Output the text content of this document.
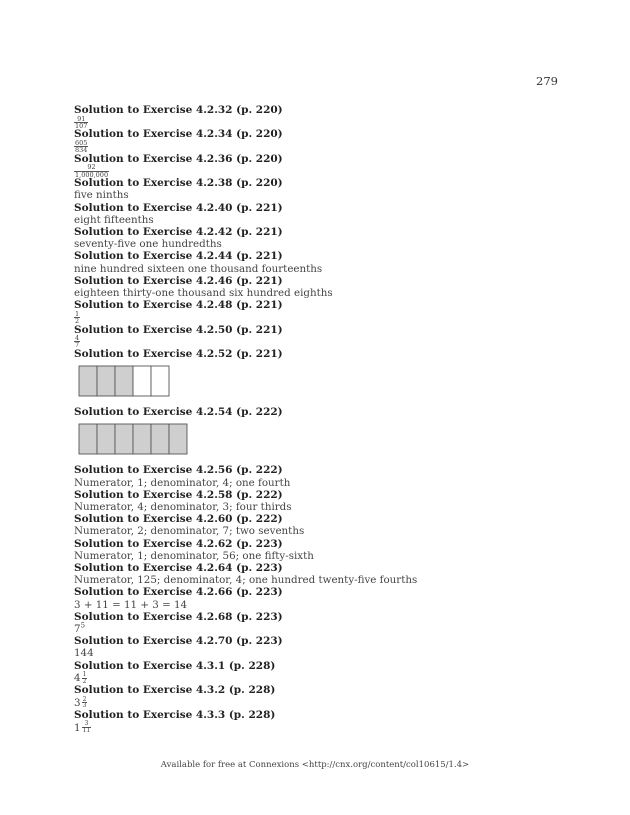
279
Solution to Exercise 4.2.32 (p. 220)
$\frac{91}{107}$
Solution to Exercise 4.2.34 (p. 220)
$\frac{605}{834}$
Solution to Exercise 4.2.36 (p. 220)
$\frac{92}{1,000,000}$
Solution to Exercise 4.2.38 (p. 220)
five ninths
Solution to Exercise 4.2.40 (p. 221)
eight fifteenths
Solution to Exercise 4.2.42 (p. 221)
seventy-five one hundredths
Solution to Exercise 4.2.44 (p. 221)
nine hundred sixteen one thousand fourteenths
Solution to Exercise 4.2.46 (p. 221)
eighteen thirty-one thousand six hundred eighths
Solution to Exercise 4.2.48 (p. 221)
$\frac{1}{2}$
Solution to Exercise 4.2.50 (p. 221)
$\frac{4}{7}$
Solution to Exercise 4.2.52 (p. 221)
Solution to Exercise 4.2.54 (p. 222)
Solution to Exercise 4.2.56 (p. 222)
Numerator, 1; denominator, 4; one fourth
Solution to Exercise 4.2.58 (p. 222)
Numerator, 4; denominator, 3; four thirds
Solution to Exercise 4.2.60 (p. 222)
Numerator, 2; denominator, 7; two sevenths
Solution to Exercise 4.2.62 (p. 223)
Numerator, 1; denominator, 56; one fifty-sixth
Solution to Exercise 4.2.64 (p. 223)
Numerator, 125; denominator, 4; one hundred twenty-five fourths
Solution to Exercise 4.2.66 (p. 223)
3 + 11 = 11 + 3 = 14
Solution to Exercise 4.2.68 (p. 223)
$7^5$
Solution to Exercise 4.2.70 (p. 223)
144
Solution to Exercise 4.3.1 (p. 228)
$4 \frac{1}{2}$
Solution to Exercise 4.3.2 (p. 228)
$3 \frac{2}{3}$
Solution to Exercise 4.3.3 (p. 228)
$1 \frac{3}{11}$
Available for free at Connexions <http://cnx.org/content/col10615/1.4>
